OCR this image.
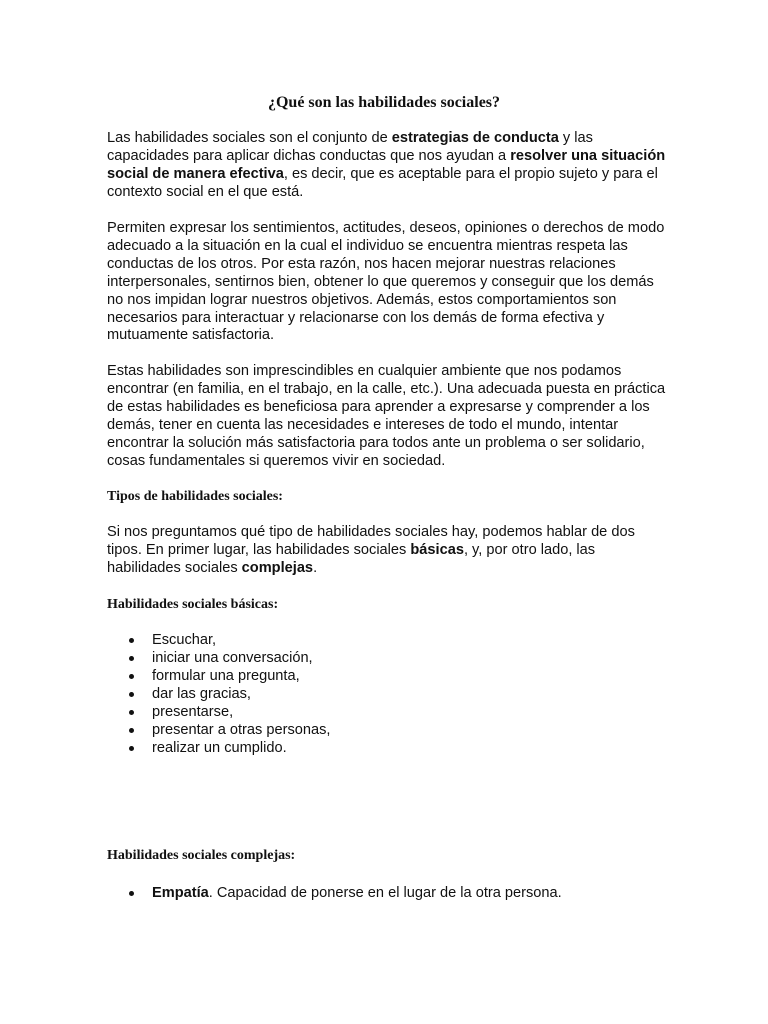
¿Qué son las habilidades sociales?

Las habilidades sociales son el conjunto de estrategias de conducta y las capacidades para aplicar dichas conductas que nos ayudan a resolver una situación social de manera efectiva, es decir, que es aceptable para el propio sujeto y para el contexto social en el que está.

Permiten expresar los sentimientos, actitudes, deseos, opiniones o derechos de modo adecuado a la situación en la cual el individuo se encuentra mientras respeta las conductas de los otros. Por esta razón, nos hacen mejorar nuestras relaciones interpersonales, sentirnos bien, obtener lo que queremos y conseguir que los demás no nos impidan lograr nuestros objetivos. Además, estos comportamientos son necesarios para interactuar y relacionarse con los demás de forma efectiva y mutuamente satisfactoria.

Estas habilidades son imprescindibles en cualquier ambiente que nos podamos encontrar (en familia, en el trabajo, en la calle, etc.). Una adecuada puesta en práctica de estas habilidades es beneficiosa para aprender a expresarse y comprender a los demás, tener en cuenta las necesidades e intereses de todo el mundo, intentar encontrar la solución más satisfactoria para todos ante un problema o ser solidario, cosas fundamentales si queremos vivir en sociedad.

Tipos de habilidades sociales:

Si nos preguntamos qué tipo de habilidades sociales hay, podemos hablar de dos tipos. En primer lugar, las habilidades sociales básicas, y, por otro lado, las habilidades sociales complejas.

Habilidades sociales básicas:
Escuchar,
iniciar una conversación,
formular una pregunta,
dar las gracias,
presentarse,
presentar a otras personas,
realizar un cumplido.
Habilidades sociales complejas:
Empatía. Capacidad de ponerse en el lugar de la otra persona.
